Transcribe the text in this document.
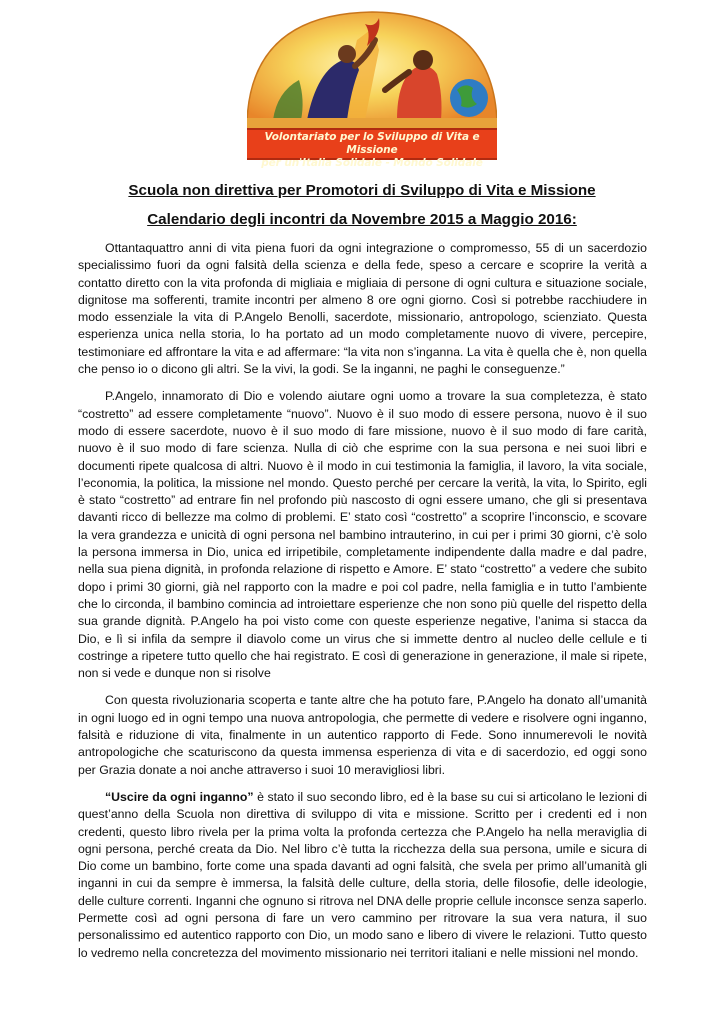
Volontariato per lo Sviluppo di Vita e Missione
per un'Italia Solidale - Mondo Solidale
Scuola non direttiva per Promotori di Sviluppo di Vita e Missione
Calendario degli incontri da Novembre 2015 a Maggio 2016:

Ottantaquattro anni di vita piena fuori da ogni integrazione o compromesso, 55 di un sacerdozio specialissimo fuori da ogni falsità della scienza e della fede, speso a cercare e scoprire la verità a contatto diretto con la vita profonda di migliaia e migliaia di persone di ogni cultura e situazione sociale, dignitose ma sofferenti, tramite incontri per almeno 8 ore ogni giorno. Così si potrebbe racchiudere in modo essenziale la vita di P.Angelo Benolli, sacerdote, missionario, antropologo, scienziato. Questa esperienza unica nella storia, lo ha portato ad un modo completamente nuovo di vivere, percepire, testimoniare ed affrontare la vita e ad affermare: “la vita non s’inganna. La vita è quella che è, non quella che penso io o dicono gli altri. Se la vivi, la godi. Se la inganni, ne paghi le conseguenze.”

P.Angelo, innamorato di Dio e volendo aiutare ogni uomo a trovare la sua completezza, è stato “costretto” ad essere completamente “nuovo”. Nuovo è il suo modo di essere persona, nuovo è il suo modo di essere sacerdote, nuovo è il suo modo di fare missione, nuovo è il suo modo di fare carità, nuovo è il suo modo di fare scienza. Nulla di ciò che esprime con la sua persona e nei suoi libri e documenti ripete qualcosa di altri. Nuovo è il modo in cui testimonia la famiglia, il lavoro, la vita sociale, l’economia, la politica, la missione nel mondo. Questo perché per cercare la verità, la vita, lo Spirito, egli è stato “costretto” ad entrare fin nel profondo più nascosto di ogni essere umano, che gli si presentava davanti ricco di bellezze ma colmo di problemi. E’ stato così “costretto” a scoprire l’inconscio, e scovare la vera grandezza e unicità di ogni persona nel bambino intrauterino, in cui per i primi 30 giorni, c’è solo la persona immersa in Dio, unica ed irripetibile, completamente indipendente dalla madre e dal padre, nella sua piena dignità, in profonda relazione di rispetto e Amore. E’ stato “costretto” a vedere che subito dopo i primi 30 giorni, già nel rapporto con la madre e poi col padre, nella famiglia e in tutto l’ambiente che lo circonda, il bambino comincia ad introiettare esperienze che non sono più quelle del rispetto della sua grande dignità. P.Angelo ha poi visto come con queste esperienze negative, l’anima si stacca da Dio, e lì si infila da sempre il diavolo come un virus che si immette dentro al nucleo delle cellule e ti costringe a ripetere tutto quello che hai registrato. E così di generazione in generazione, il male si ripete, non si vede e dunque non si risolve

Con questa rivoluzionaria scoperta e tante altre che ha potuto fare, P.Angelo ha donato all’umanità in ogni luogo ed in ogni tempo una nuova antropologia, che permette di vedere e risolvere ogni inganno, falsità e riduzione di vita, finalmente in un autentico rapporto di Fede. Sono innumerevoli le novità antropologiche che scaturiscono da questa immensa esperienza di vita e di sacerdozio, ed oggi sono per Grazia donate a noi anche attraverso i suoi 10 meravigliosi libri.

“Uscire da ogni inganno” è stato il suo secondo libro, ed è la base su cui si articolano le lezioni di quest’anno della Scuola non direttiva di sviluppo di vita e missione. Scritto per i credenti ed i non credenti, questo libro rivela per la prima volta la profonda certezza che P.Angelo ha nella meraviglia di ogni persona, perché creata da Dio. Nel libro c’è tutta la ricchezza della sua persona, umile e sicura di Dio come un bambino, forte come una spada davanti ad ogni falsità, che svela per primo all’umanità gli inganni in cui da sempre è immersa, la falsità delle culture, della storia, delle filosofie, delle ideologie, delle culture correnti. Inganni che ognuno si ritrova nel DNA delle proprie cellule inconsce senza saperlo. Permette così ad ogni persona di fare un vero cammino per ritrovare la sua vera natura, il suo personalissimo ed autentico rapporto con Dio, un modo sano e libero di vivere le relazioni. Tutto questo lo vedremo nella concretezza del movimento missionario nei territori italiani e nelle missioni nel mondo.
